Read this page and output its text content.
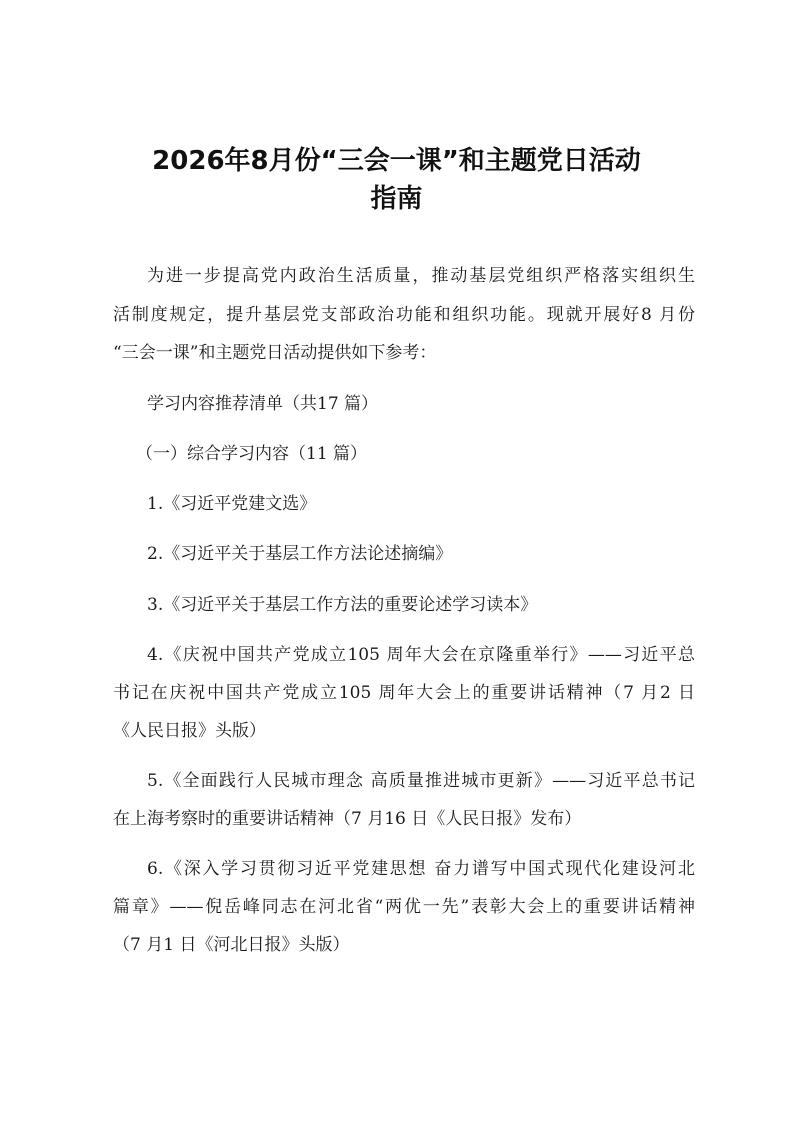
2026年8月份“三会一课”和主题党日活动
指南
为进一步提高党内政治生活质量，推动基层党组织严格落实组织生
活制度规定，提升基层党支部政治功能和组织功能。现就开展好8 月份
“三会一课”和主题党日活动提供如下参考：
学习内容推荐清单（共17 篇）
（一）综合学习内容（11 篇）
1.《习近平党建文选》
2.《习近平关于基层工作方法论述摘编》
3.《习近平关于基层工作方法的重要论述学习读本》
4.《庆祝中国共产党成立105 周年大会在京隆重举行》——习近平总
书记在庆祝中国共产党成立105 周年大会上的重要讲话精神（7 月2 日
《人民日报》头版）
5.《全面践行人民城市理念 高质量推进城市更新》——习近平总书记
在上海考察时的重要讲话精神（7 月16 日《人民日报》发布）
6.《深入学习贯彻习近平党建思想 奋力谱写中国式现代化建设河北
篇章》——倪岳峰同志在河北省“两优一先”表彰大会上的重要讲话精神
（7 月1 日《河北日报》头版）
